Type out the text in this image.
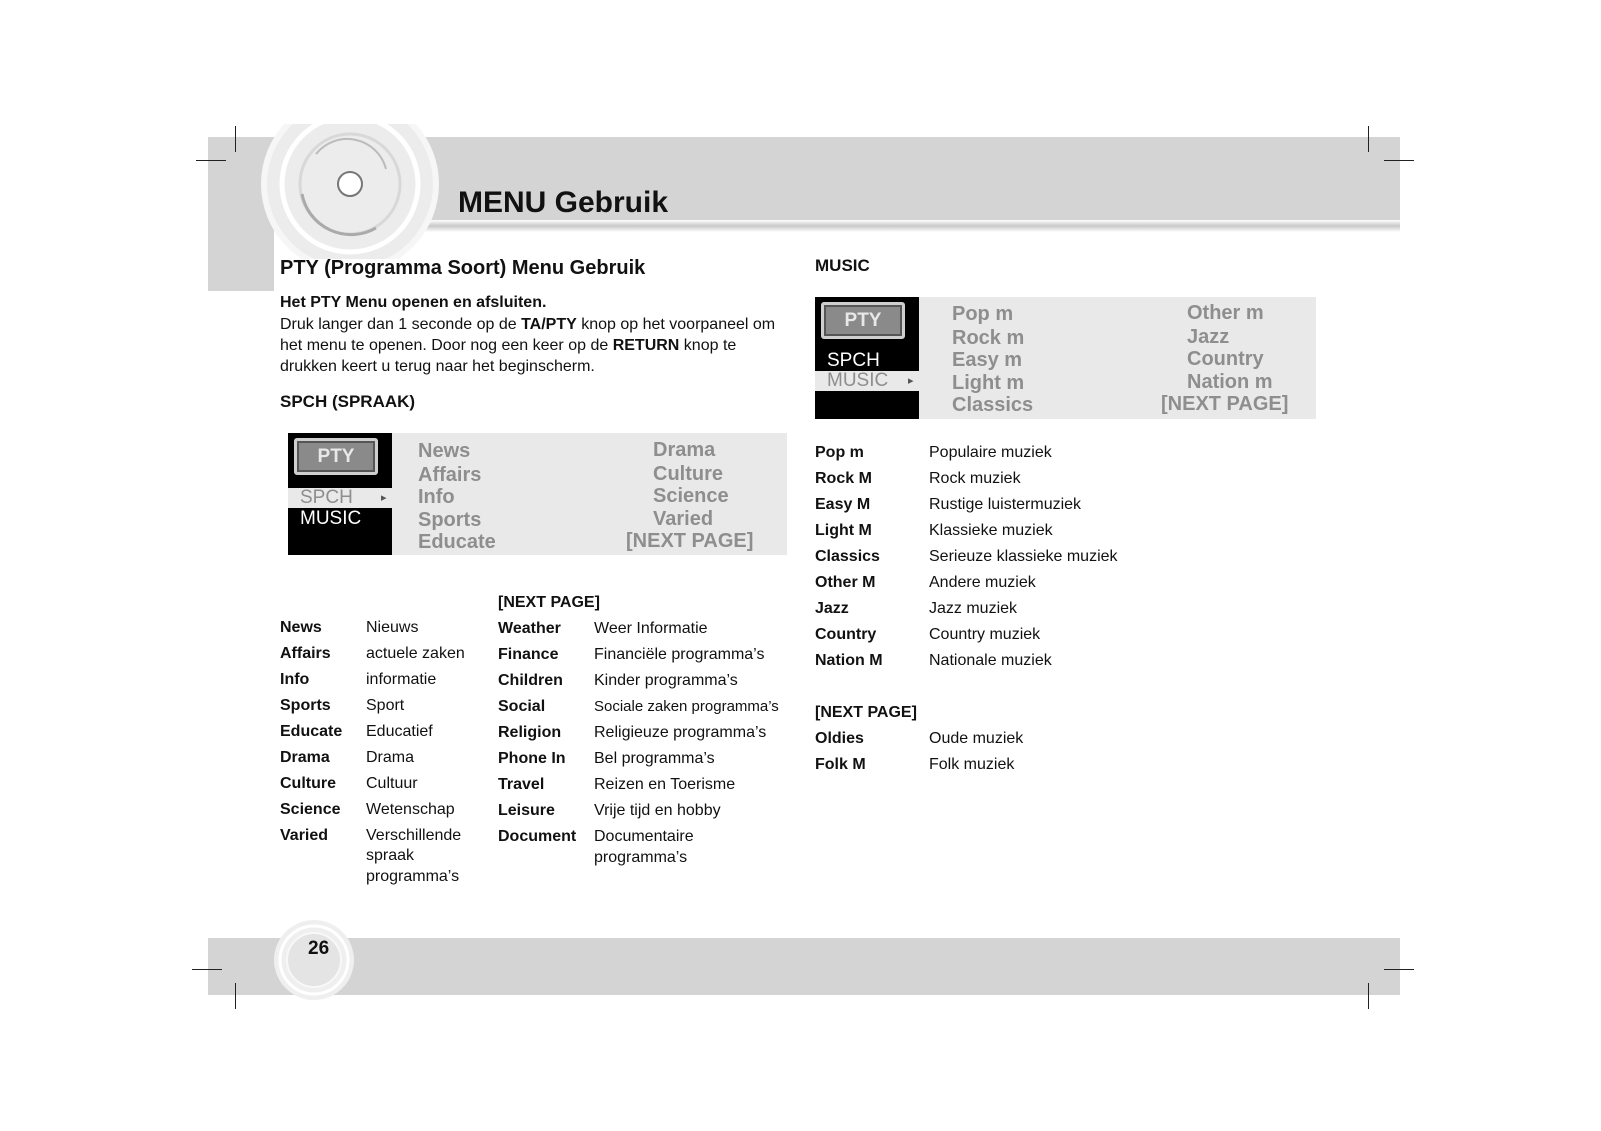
MENU Gebruik
PTY (Programma Soort) Menu Gebruik
Het PTY Menu openen en afsluiten.

Druk langer dan 1 seconde op de TA/PTY knop op het voorpaneel om het menu te openen. Door nog een keer op de RETURN knop te drukken keert u terug naar het beginscherm.

SPCH (SPRAAK)
PTY
SPCH	▸
MUSIC
News
Affairs
Info
Sports
Educate
Drama
Culture
Science
Varied
[NEXT PAGE]
News	Nieuws
Affairs actuele zaken
Info	informatie
Sports Sport
Educate Educatief
Drama Drama
Culture Cultuur
Science Wetenschap
Varied Verschillende
spraak
programma’s
[NEXT PAGE]
Weather Weer Informatie
Finance Financiële programma’s
Children Kinder programma’s
Social	Sociale zaken programma’s
Religion Religieuze programma’s
Phone In Bel programma’s
Travel	Reizen en Toerisme
Leisure Vrije tijd en hobby
Document Documentaire
programma’s
MUSIC
PTY
SPCH
MUSIC ▸
Pop m
Rock m
Easy m
Light m
Classics
Other m
Jazz
Country
Nation m
[NEXT PAGE]
Pop m	Populaire muziek
Rock M	Rock muziek
Easy M	Rustige luistermuziek
Light M	Klassieke muziek
Classics	Serieuze klassieke muziek
Other M	Andere muziek
Jazz	Jazz muziek
Country	Country muziek
Nation M	Nationale muziek
[NEXT PAGE]
Oldies	Oude muziek
Folk M	Folk muziek
26
